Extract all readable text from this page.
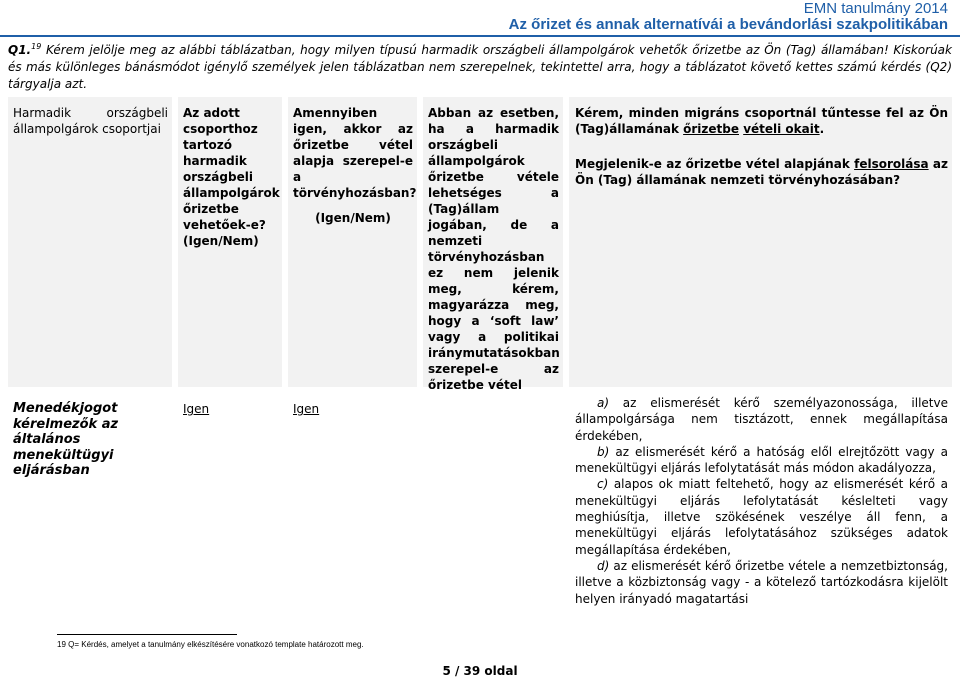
EMN tanulmány 2014
Az őrizet és annak alternatívái a bevándorlási szakpolitikában
Q1.19 Kérem jelölje meg az alábbi táblázatban, hogy milyen típusú harmadik országbeli állampolgárok vehetők őrizetbe az Ön (Tag) államában! Kiskorúak és más különleges bánásmódot igénylő személyek jelen táblázatban nem szerepelnek, tekintettel arra, hogy a táblázatot követő kettes számú kérdés (Q2) tárgyalja azt.
Harmadik országbeli állampolgárok csoportjai
Az adott csoporthoz tartozó harmadik országbeli állampolgárok őrizetbe vehetőek-e? (Igen/Nem)
Amennyiben igen, akkor az őrizetbe vétel alapja szerepel-e a törvényhozásban?
(Igen/Nem)
Abban az esetben, ha a harmadik országbeli állampolgárok őrizetbe vétele lehetséges a (Tag)állam jogában, de a nemzeti törvényhozásban ez nem jelenik meg, kérem, magyarázza meg, hogy a ‘soft law’ vagy a politikai iránymutatásokban szerepel-e az őrizetbe vétel
Kérem, minden migráns csoportnál tűntesse fel az Ön (Tag)államának őrizetbe vételi okait.
Megjelenik-e az őrizetbe vétel alapjának felsorolása az Ön (Tag) államának nemzeti törvényhozásában?
Menedékjogot kérelmezők az általános menekültügyi eljárásban
Igen	Igen	a) az elismerését kérő személyazonossága, illetve állampolgársága nem tisztázott, ennek megállapítása érdekében,

b) az elismerését kérő a hatóság elől elrejtőzött vagy a menekültügyi eljárás lefolytatását más módon akadályozza,

c) alapos ok miatt feltehető, hogy az elismerését kérő a menekültügyi eljárás lefolytatását késlelteti vagy meghiúsítja, illetve szökésének veszélye áll fenn, a menekültügyi eljárás lefolytatásához szükséges adatok megállapítása érdekében,

d) az elismerését kérő őrizetbe vétele a nemzetbiztonság, illetve a közbiztonság vagy - a kötelező tartózkodásra kijelölt helyen irányadó magatartási

19 Q= Kérdés, amelyet a tanulmány elkészítésére vonatkozó template határozott meg.
5 / 39 oldal
